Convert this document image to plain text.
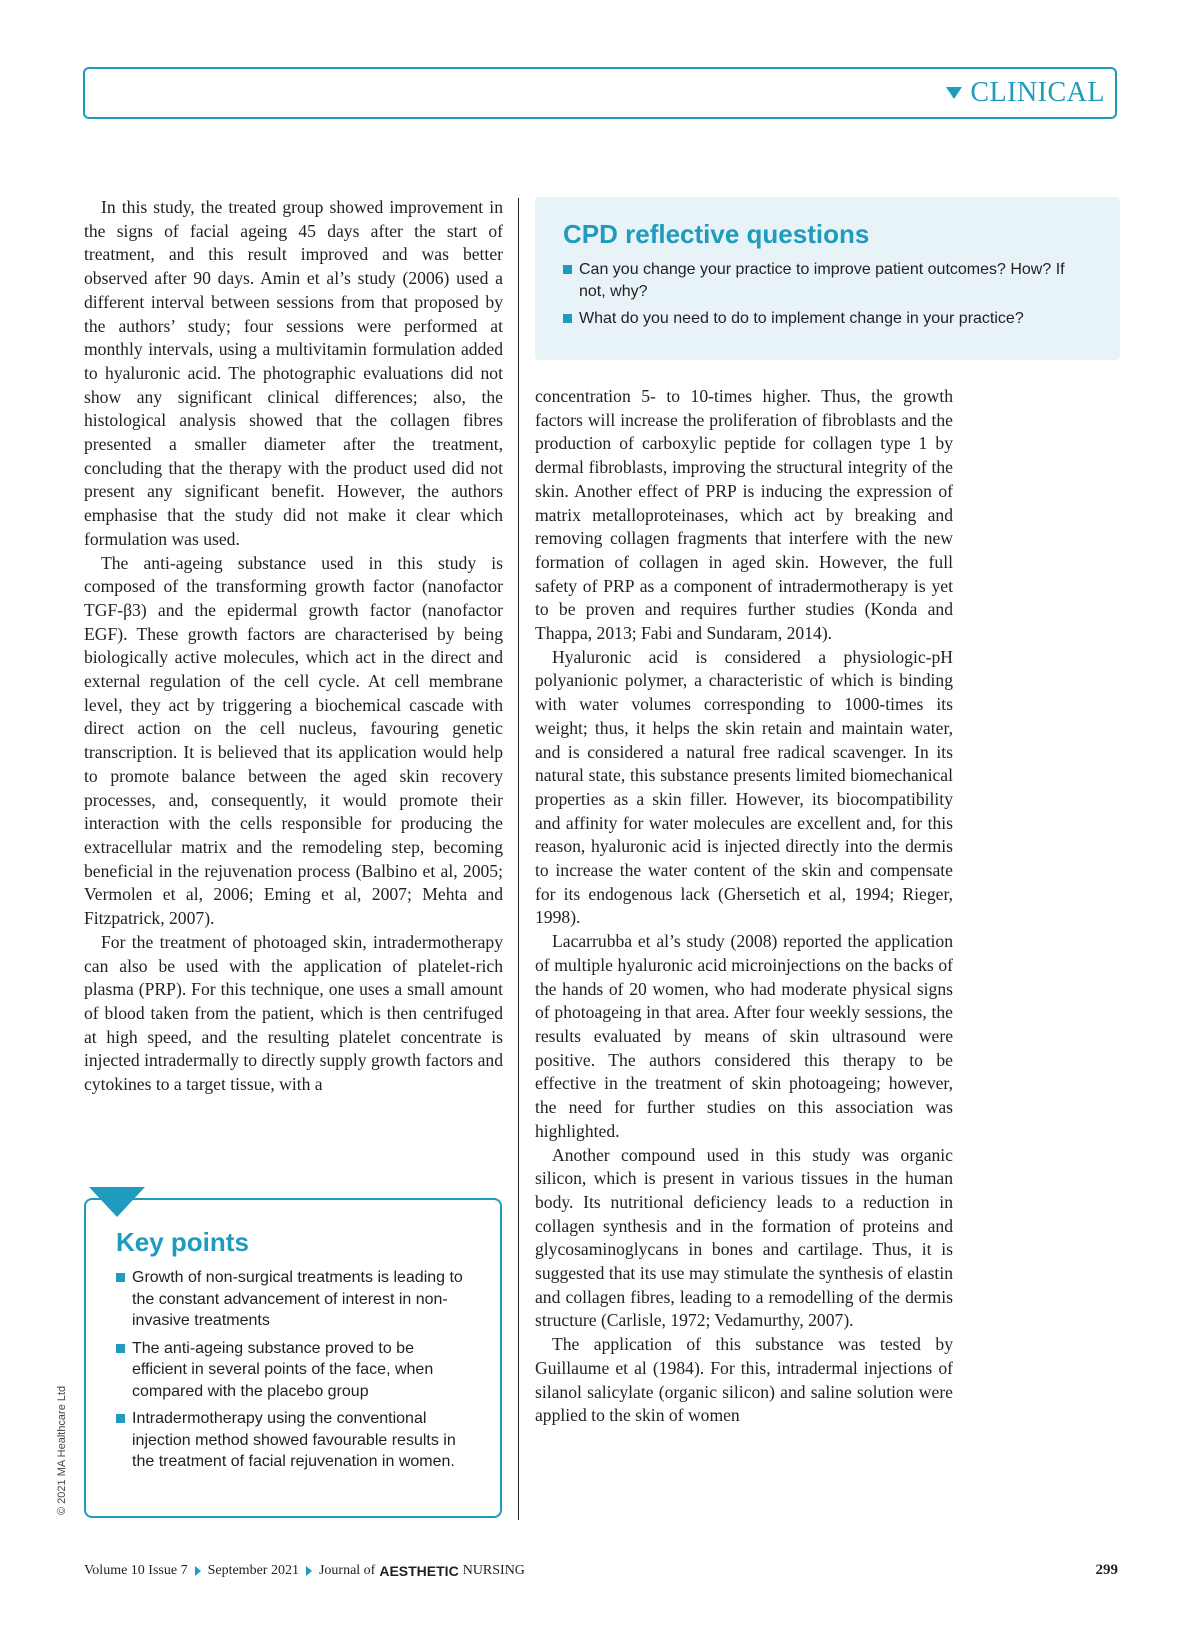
CLINICAL

In this study, the treated group showed improvement in the signs of facial ageing 45 days after the start of treatment, and this result improved and was better observed after 90 days. Amin et al’s study (2006) used a different interval between sessions from that proposed by the authors’ study; four sessions were performed at monthly intervals, using a multivitamin formulation added to hyaluronic acid. The photographic evaluations did not show any significant clinical differences; also, the histological analysis showed that the collagen fibres presented a smaller diameter after the treatment, concluding that the therapy with the product used did not present any significant benefit. However, the authors emphasise that the study did not make it clear which formulation was used.

The anti-ageing substance used in this study is composed of the transforming growth factor (nanofactor TGF-β3) and the epidermal growth factor (nanofactor EGF). These growth factors are characterised by being biologically active molecules, which act in the direct and external regulation of the cell cycle. At cell membrane level, they act by triggering a biochemical cascade with direct action on the cell nucleus, favouring genetic transcription. It is believed that its application would help to promote balance between the aged skin recovery processes, and, consequently, it would promote their interaction with the cells responsible for producing the extracellular matrix and the remodeling step, becoming beneficial in the rejuvenation process (Balbino et al, 2005; Vermolen et al, 2006; Eming et al, 2007; Mehta and Fitzpatrick, 2007).

For the treatment of photoaged skin, intradermotherapy can also be used with the application of platelet-rich plasma (PRP). For this technique, one uses a small amount of blood taken from the patient, which is then centrifuged at high speed, and the resulting platelet concentrate is injected intradermally to directly supply growth factors and cytokines to a target tissue, with a

CPD reflective questions
Can you change your practice to improve patient outcomes? How? If not, why?
What do you need to do to implement change in your practice?

concentration 5- to 10-times higher. Thus, the growth factors will increase the proliferation of fibroblasts and the production of carboxylic peptide for collagen type 1 by dermal fibroblasts, improving the structural integrity of the skin. Another effect of PRP is inducing the expression of matrix metalloproteinases, which act by breaking and removing collagen fragments that interfere with the new formation of collagen in aged skin. However, the full safety of PRP as a component of intradermotherapy is yet to be proven and requires further studies (Konda and Thappa, 2013; Fabi and Sundaram, 2014).

Hyaluronic acid is considered a physiologic-pH polyanionic polymer, a characteristic of which is binding with water volumes corresponding to 1000-times its weight; thus, it helps the skin retain and maintain water, and is considered a natural free radical scavenger. In its natural state, this substance presents limited biomechanical properties as a skin filler. However, its biocompatibility and affinity for water molecules are excellent and, for this reason, hyaluronic acid is injected directly into the dermis to increase the water content of the skin and compensate for its endogenous lack (Ghersetich et al, 1994; Rieger, 1998).

Lacarrubba et al’s study (2008) reported the application of multiple hyaluronic acid microinjections on the backs of the hands of 20 women, who had moderate physical signs of photoageing in that area. After four weekly sessions, the results evaluated by means of skin ultrasound were positive. The authors considered this therapy to be effective in the treatment of skin photoageing; however, the need for further studies on this association was highlighted.

Another compound used in this study was organic silicon, which is present in various tissues in the human body. Its nutritional deficiency leads to a reduction in collagen synthesis and in the formation of proteins and glycosaminoglycans in bones and cartilage. Thus, it is suggested that its use may stimulate the synthesis of elastin and collagen fibres, leading to a remodelling of the dermis structure (Carlisle, 1972; Vedamurthy, 2007).

The application of this substance was tested by Guillaume et al (1984). For this, intradermal injections of silanol salicylate (organic silicon) and saline solution were applied to the skin of women

Key points
Growth of non-surgical treatments is leading to the constant advancement of interest in non-invasive treatments
The anti-ageing substance proved to be efficient in several points of the face, when compared with the placebo group
Intradermotherapy using the conventional injection method showed favourable results in the treatment of facial rejuvenation in women.
© 2021 MA Healthcare Ltd
Volume 10 Issue 7 September 2021 Journal of AESTHETIC NURSING	299
